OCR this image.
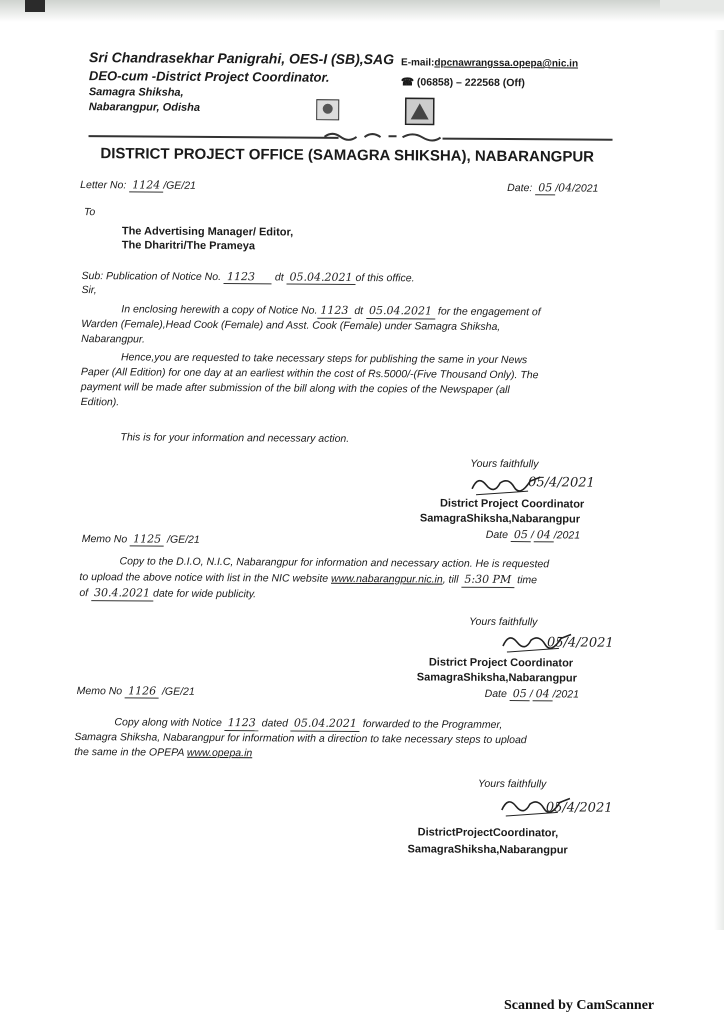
Sri Chandrasekhar Panigrahi, OES-I (SB),SAG E-mail:dpcnawrangssa.opepa@nic.in
DEO-cum -District Project Coordinator.	☎ (06858) – 222568 (Off)
Samagra Shiksha,
Nabarangpur, Odisha
DISTRICT PROJECT OFFICE (SAMAGRA SHIKSHA), NABARANGPUR
Letter No: 1124 /GE/21	Date: 05 /04/2021
To
The Advertising Manager/ Editor,
The Dharitri/The Prameya
Sub: Publication of Notice No. 1123 dt 05.04.2021 of this office.
Sir,
In enclosing herewith a copy of Notice No. 1123 dt 05.04.2021 for the engagement of
Warden (Female),Head Cook (Female) and Asst. Cook (Female) under Samagra Shiksha,
Nabarangpur.
Hence,you are requested to take necessary steps for publishing the same in your News
Paper (All Edition) for one day at an earliest within the cost of Rs.5000/-(Five Thousand Only). The
payment will be made after submission of the bill along with the copies of the Newspaper (all
Edition).
This is for your information and necessary action.
Yours faithfully
05/4/2021
District Project Coordinator
SamagraShiksha,Nabarangpur
Date 05 / 04 /2021
Memo No 1125 /GE/21
Copy to the D.I.O, N.I.C, Nabarangpur for information and necessary action. He is requested
to upload the above notice with list in the NIC website www.nabarangpur.nic.in, till 5:30 PM time
of 30.4.2021 date for wide publicity.
Yours faithfully
05/4/2021
District Project Coordinator
SamagraShiksha,Nabarangpur
Date 05 / 04 /2021
Memo No 1126 /GE/21
Copy along with Notice 1123 dated 05.04.2021 forwarded to the Programmer,
Samagra Shiksha, Nabarangpur for information with a direction to take necessary steps to upload
the same in the OPEPA www.opepa.in
Yours faithfully
05/4/2021
DistrictProjectCoordinator,
SamagraShiksha,Nabarangpur
Scanned by CamScanner
